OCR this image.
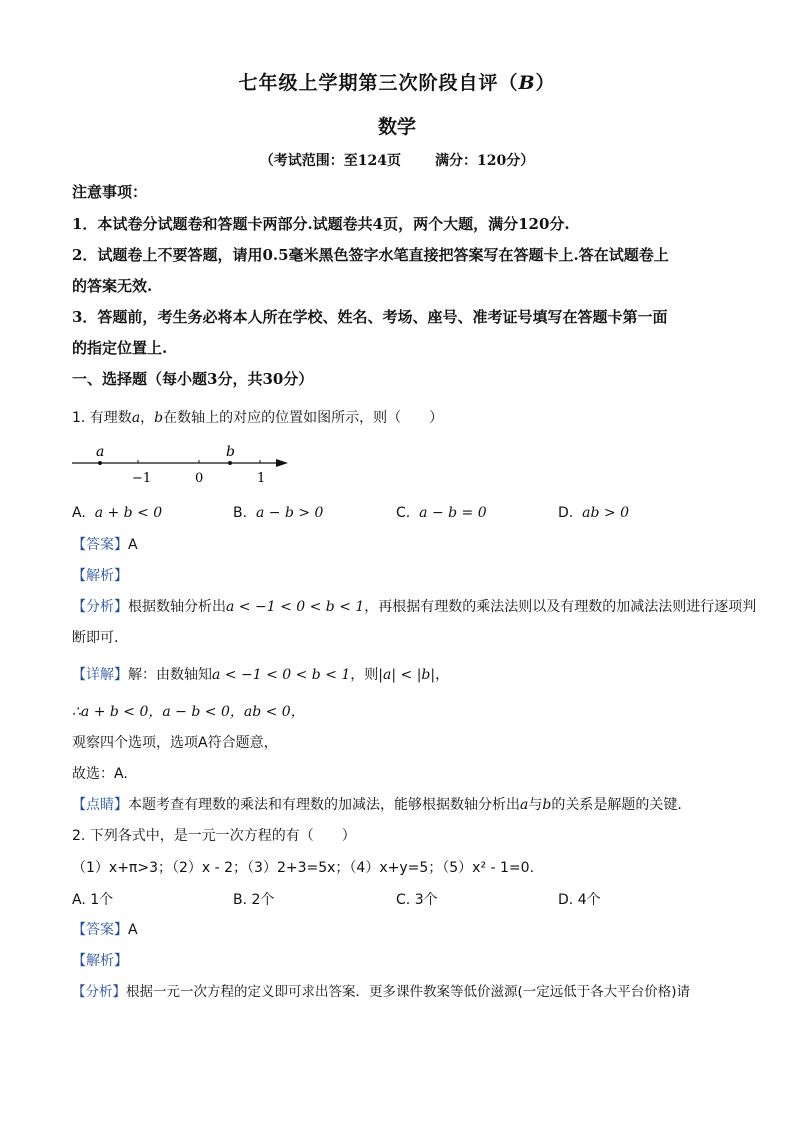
七年级上学期第三次阶段自评（B）
数学
（考试范围：至124页 满分：120分）
注意事项：
1．本试卷分试题卷和答题卡两部分.试题卷共4页，两个大题，满分120分.
2．试题卷上不要答题，请用0.5毫米黑色签字水笔直接把答案写在答题卡上.答在试题卷上
的答案无效.
3．答题前，考生务必将本人所在学校、姓名、考场、座号、准考证号填写在答题卡第一面
的指定位置上.
一、选择题（每小题3分，共30分）
1. 有理数a，b在数轴上的对应的位置如图所示，则（　　）
a	b
−1	0	1
A. a + b < 0	B. a − b > 0	C. a − b = 0	D. ab > 0
【答案】A
【解析】
【分析】根据数轴分析出a < −1 < 0 < b < 1，再根据有理数的乘法法则以及有理数的加减法法则进行逐项判
断即可.
【详解】解：由数轴知a < −1 < 0 < b < 1，则|a| < |b|，
∴a + b < 0，a − b < 0，ab < 0，
观察四个选项，选项A符合题意，
故选：A.
【点睛】本题考查有理数的乘法和有理数的加减法，能够根据数轴分析出a与b的关系是解题的关键.
2. 下列各式中，是一元一次方程的有（　　）
（1）x+π>3；（2）x - 2；（3）2+3=5x；（4）x+y=5；（5）x² - 1=0.
A. 1个	B. 2个	C. 3个	D. 4个
【答案】A
【解析】
【分析】根据一元一次方程的定义即可求出答案．更多课件教案等低价滋源(一定远低于各大平台价格)请
